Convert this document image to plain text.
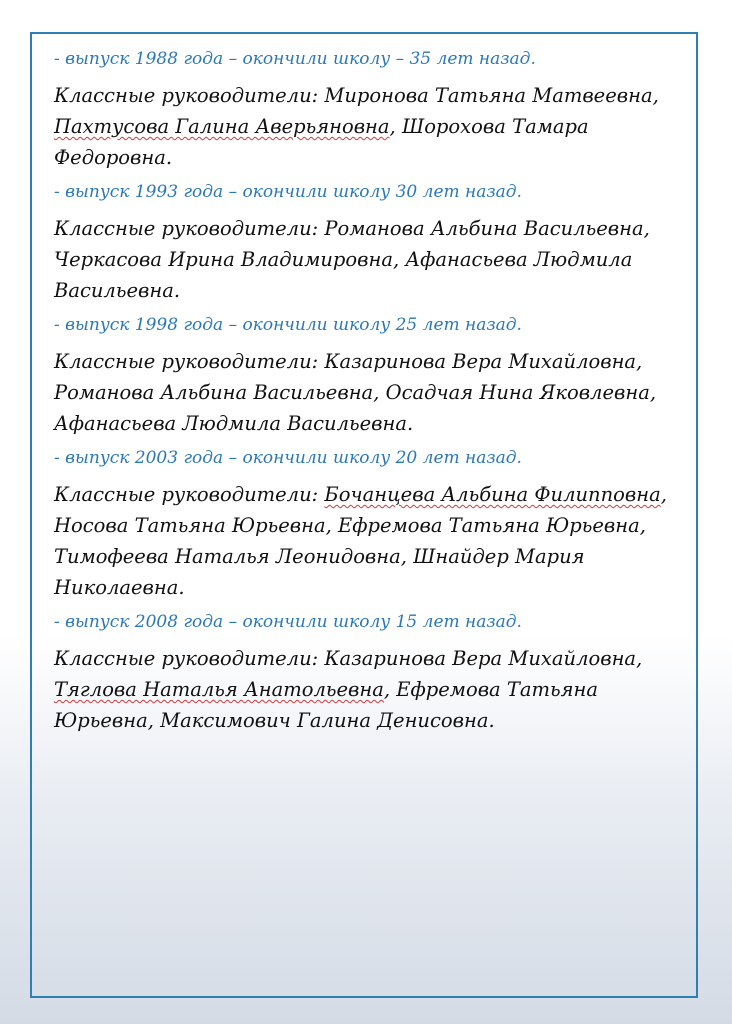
- выпуск 1988 года – окончили школу – 35 лет назад.
Классные руководители: Миронова Татьяна Матвеевна, Пахтусова Галина Аверьяновна, Шорохова Тамара Федоровна.
- выпуск 1993 года – окончили школу 30 лет назад.
Классные руководители: Романова Альбина Васильевна, Черкасова Ирина Владимировна, Афанасьева Людмила Васильевна.
- выпуск 1998 года – окончили школу 25 лет назад.
Классные руководители: Казаринова Вера Михайловна, Романова Альбина Васильевна, Осадчая Нина Яковлевна, Афанасьева Людмила Васильевна.
- выпуск 2003 года – окончили школу 20 лет назад.
Классные руководители: Бочанцева Альбина Филипповна, Носова Татьяна Юрьевна, Ефремова Татьяна Юрьевна, Тимофеева Наталья Леонидовна, Шнайдер Мария Николаевна.
- выпуск 2008 года – окончили школу 15 лет назад.
Классные руководители: Казаринова Вера Михайловна, Тяглова Наталья Анатольевна, Ефремова Татьяна Юрьевна, Максимович Галина Денисовна.
